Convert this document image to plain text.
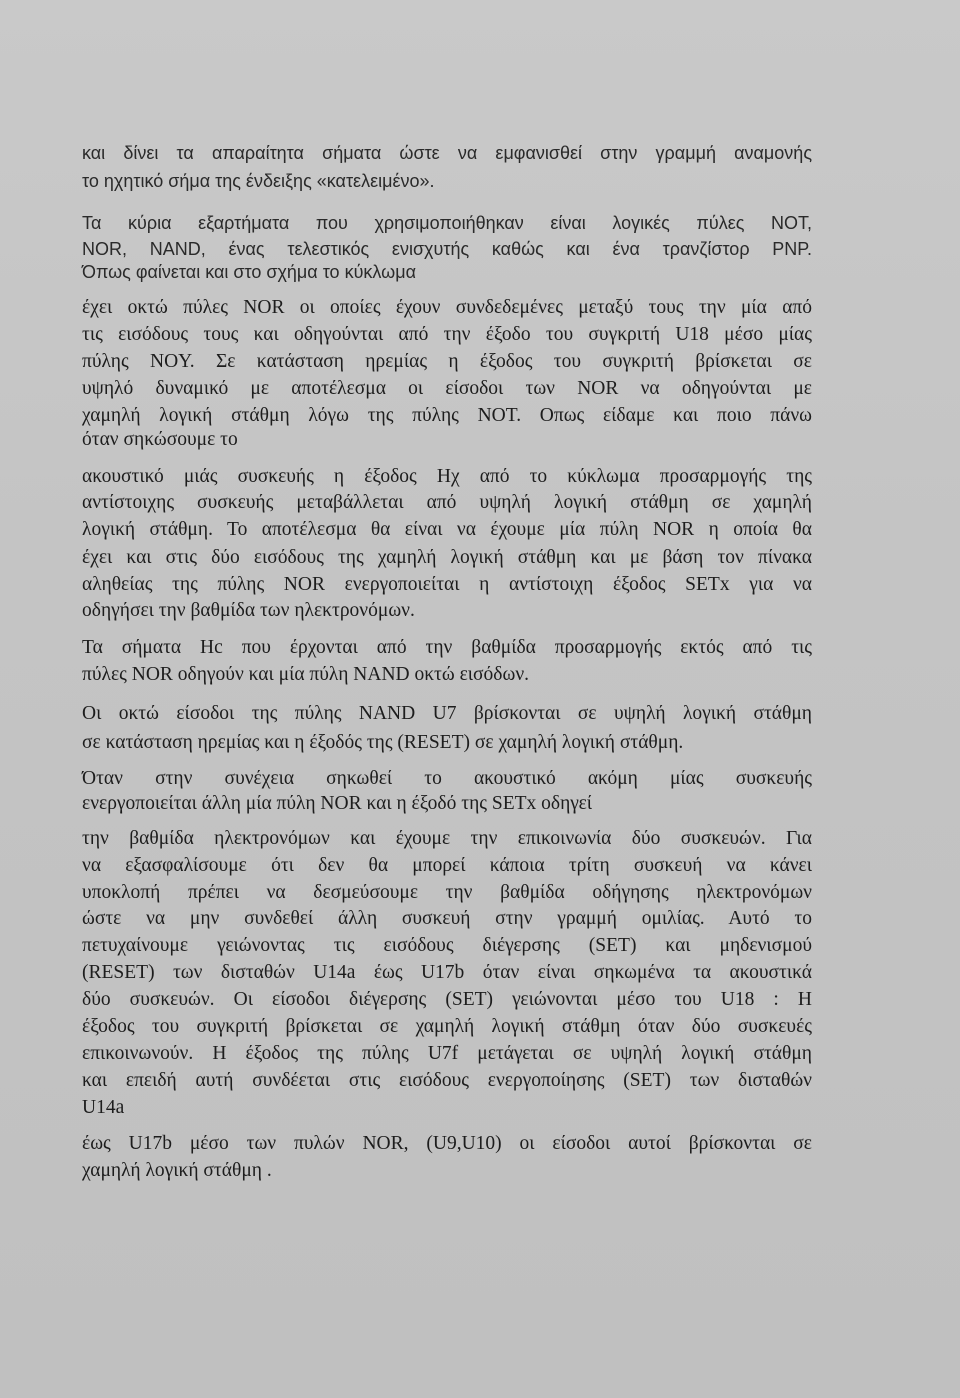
και δίνει τα απαραίτητα σήματα ώστε να εμφανισθεί στην γραμμή αναμονής

το ηχητικό σήμα της ένδειξης «κατελειμένο».

Τα κύρια εξαρτήματα που χρησιμοποιήθηκαν είναι λογικές πύλες NOT,

NOR, NAND, ένας τελεστικός ενισχυτής καθώς και ένα τρανζίστορ PNP.

Όπως φαίνεται και στο σχήμα το κύκλωμα

έχει οκτώ πύλες NOR οι οποίες έχουν συνδεδεμένες μεταξύ τους την μία από

τις εισόδους τους και οδηγούνται από την έξοδο του συγκριτή U18 μέσο μίας

πύλης NOY. Σε κατάσταση ηρεμίας η έξοδος του συγκριτή βρίσκεται σε

υψηλό δυναμικό με αποτέλεσμα οι είσοδοι των NOR να οδηγούνται με

χαμηλή λογική στάθμη λόγω της πύλης NOT. Οπως είδαμε και ποιο πάνω

όταν σηκώσουμε το

ακουστικό μιάς συσκευής η έξοδος Ηχ από το κύκλωμα προσαρμογής της

αντίστοιχης συσκευής μεταβάλλεται από υψηλή λογική στάθμη σε χαμηλή

λογική στάθμη. Το αποτέλεσμα θα είναι να έχουμε μία πύλη NOR η οποία θα

έχει και στις δύο εισόδους της χαμηλή λογική στάθμη και με βάση τον πίνακα

αληθείας της πύλης NOR ενεργοποιείται η αντίστοιχη έξοδος SETx για να

οδηγήσει την βαθμίδα των ηλεκτρονόμων.

Τα σήματα Ηc που έρχονται από την βαθμίδα προσαρμογής εκτός από τις

πύλες NOR οδηγούν και μία πύλη NAND οκτώ εισόδων.

Οι οκτώ είσοδοι της πύλης NAND U7 βρίσκονται σε υψηλή λογική στάθμη

σε κατάσταση ηρεμίας και η έξοδός της (RESET) σε χαμηλή λογική στάθμη.

Όταν στην συνέχεια σηκωθεί το ακουστικό ακόμη μίας συσκευής

ενεργοποιείται άλλη μία πύλη NOR και η έξοδό της SETx οδηγεί

την βαθμίδα ηλεκτρονόμων και έχουμε την επικοινωνία δύο συσκευών. Για

να εξασφαλίσουμε ότι δεν θα μπορεί κάποια τρίτη συσκευή να κάνει

υποκλοπή πρέπει να δεσμεύσουμε την βαθμίδα οδήγησης ηλεκτρονόμων

ώστε να μην συνδεθεί άλλη συσκευή στην γραμμή ομιλίας. Αυτό το

πετυχαίνουμε γειώνοντας τις εισόδους διέγερσης (SET) και μηδενισμού

(RESET) των δισταθών U14a έως U17b όταν είναι σηκωμένα τα ακουστικά

δύο συσκευών. Οι είσοδοι διέγερσης (SET) γειώνονται μέσο του U18 : Η

έξοδος του συγκριτή βρίσκεται σε χαμηλή λογική στάθμη όταν δύο συσκευές

επικοινωνούν. Η έξοδος της πύλης U7f μετάγεται σε υψηλή λογική στάθμη

και επειδή αυτή συνδέεται στις εισόδους ενεργοποίησης (SET) των δισταθών

U14a

έως U17b μέσο των πυλών NOR, (U9,U10) οι είσοδοι αυτοί βρίσκονται σε

χαμηλή λογική στάθμη .
